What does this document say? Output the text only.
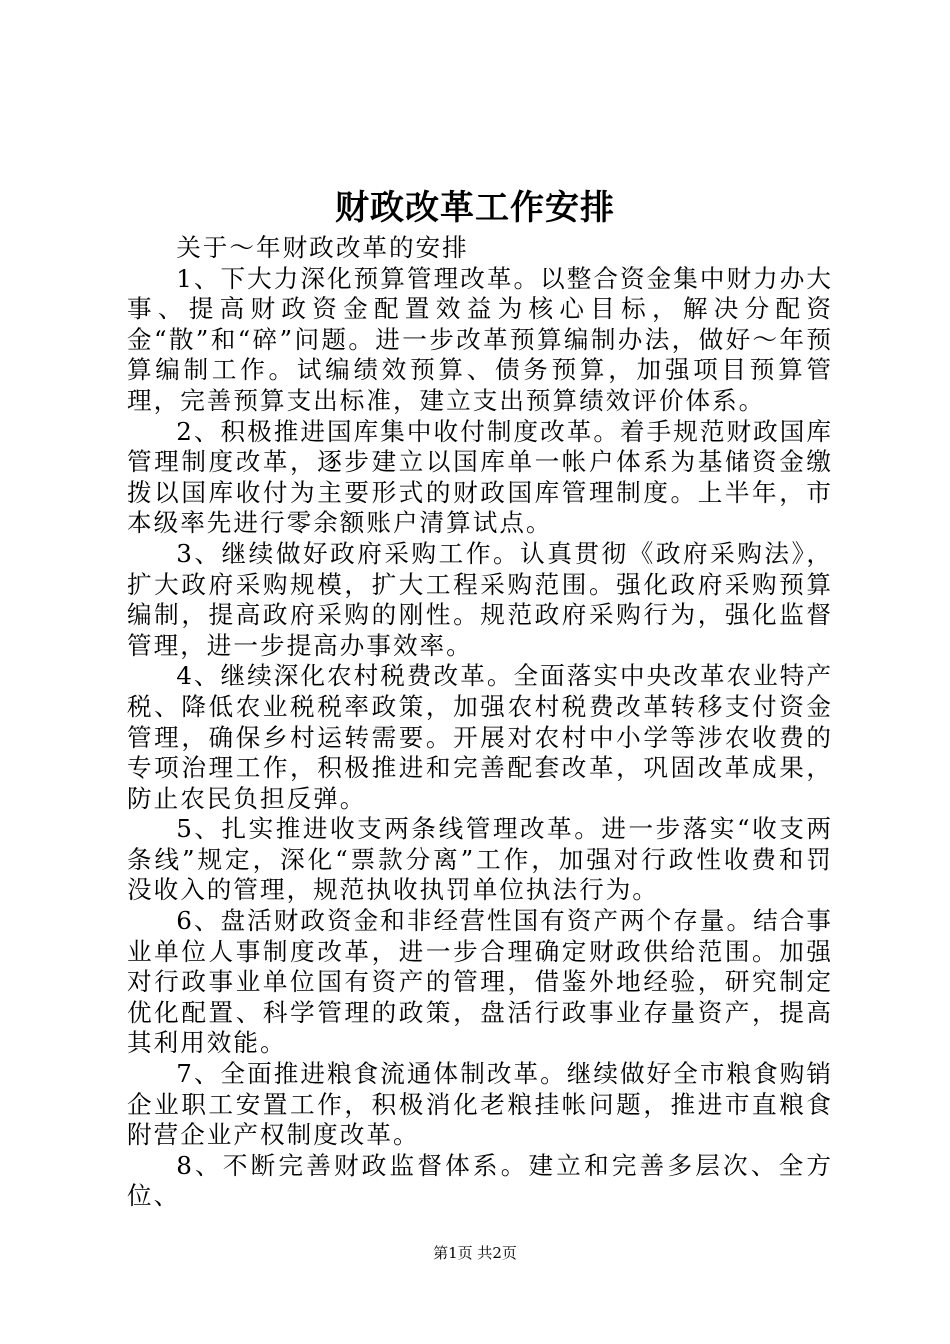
财政改革工作安排

关于～年财政改革的安排

1、下大力深化预算管理改革。以整合资金集中财力办大事、提高财政资金配置效益为核心目标，解决分配资金“散”和“碎”问题。进一步改革预算编制办法，做好～年预算编制工作。试编绩效预算、债务预算，加强项目预算管理，完善预算支出标准，建立支出预算绩效评价体系。

2、积极推进国库集中收付制度改革。着手规范财政国库管理制度改革，逐步建立以国库单一帐户体系为基储资金缴拨以国库收付为主要形式的财政国库管理制度。上半年，市本级率先进行零余额账户清算试点。

3、继续做好政府采购工作。认真贯彻《政府采购法》，扩大政府采购规模，扩大工程采购范围。强化政府采购预算编制，提高政府采购的刚性。规范政府采购行为，强化监督管理，进一步提高办事效率。

4、继续深化农村税费改革。全面落实中央改革农业特产税、降低农业税税率政策，加强农村税费改革转移支付资金管理，确保乡村运转需要。开展对农村中小学等涉农收费的专项治理工作，积极推进和完善配套改革，巩固改革成果，防止农民负担反弹。

5、扎实推进收支两条线管理改革。进一步落实“收支两条线”规定，深化“票款分离”工作，加强对行政性收费和罚没收入的管理，规范执收执罚单位执法行为。

6、盘活财政资金和非经营性国有资产两个存量。结合事业单位人事制度改革，进一步合理确定财政供给范围。加强对行政事业单位国有资产的管理，借鉴外地经验，研究制定优化配置、科学管理的政策，盘活行政事业存量资产，提高其利用效能。

7、全面推进粮食流通体制改革。继续做好全市粮食购销企业职工安置工作，积极消化老粮挂帐问题，推进市直粮食附营企业产权制度改革。

8、不断完善财政监督体系。建立和完善多层次、全方位、

第1页 共2页
